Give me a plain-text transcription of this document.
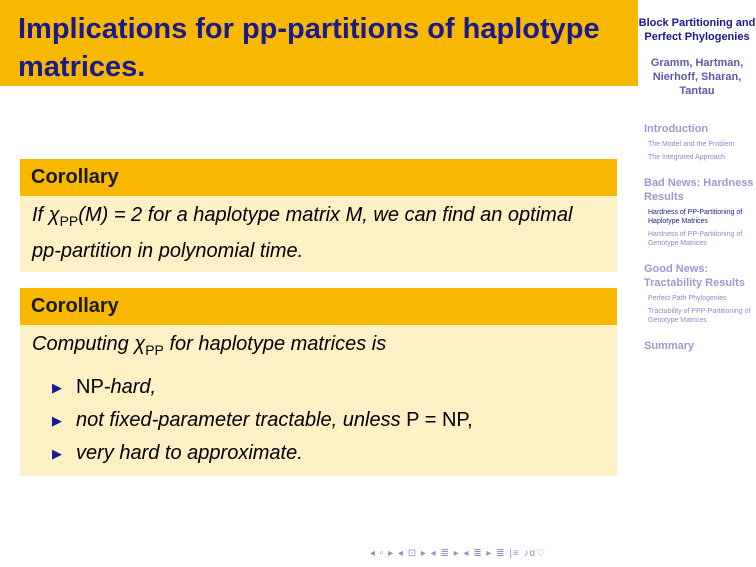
Implications for pp-partitions of haplotype matrices.
Corollary

If $\chi_{PP}(M) = 2$ for a haplotype matrix M, we can find an optimal pp-partition in polynomial time.

Corollary

Computing $\chi_{PP}$ for haplotype matrices is

▶ NP-hard,
▶ not fixed-parameter tractable, unless P = NP,
▶ very hard to approximate.
◂ ▫ ▸ ◂ ⊡ ▸ ◂ ≣ ▸ ◂ ≣ ▸ ≣ |≡ ♪ɑ♡
Block Partitioning and Perfect Phylogenies
Gramm, Hartman, Nierhoff, Sharan, Tantau
Introduction
The Model and the Problem
The Integrated Approach
Bad News: Hardness Results
Hardness of PP-Partitioning of Haplotype Matrices
Hardness of PP-Partitioning of Genotype Matrices
Good News: Tractability Results
Perfect Path Phylogenies
Tractability of PPP-Partitioning of Genotype Matrices
Summary
